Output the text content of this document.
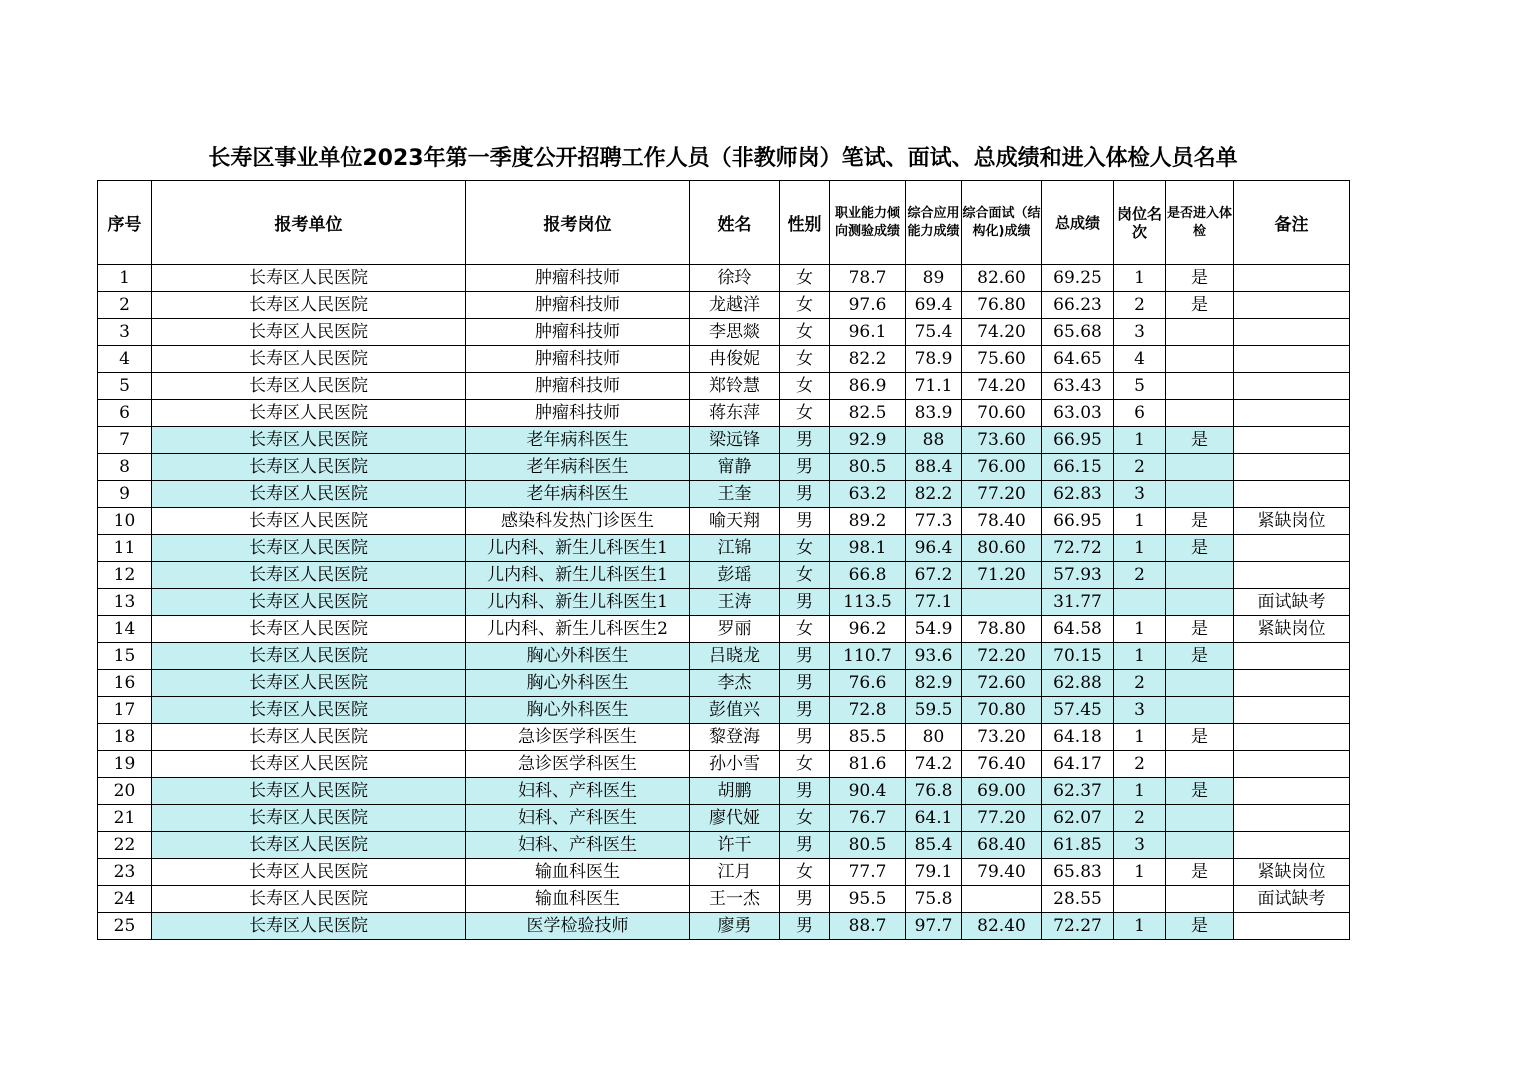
长寿区事业单位2023年第一季度公开招聘工作人员（非教师岗）笔试、面试、总成绩和进入体检人员名单
序号	报考单位	报考岗位	姓名	性别	职业能力倾向测验成绩	综合应用能力成绩	综合面试（结构化)成绩	总成绩	岗位名次	是否进入体检	备注
1	长寿区人民医院	肿瘤科技师	徐玲	女	78.7	89	82.60	69.25	1	是	
2	长寿区人民医院	肿瘤科技师	龙越洋	女	97.6	69.4	76.80	66.23	2	是	
3	长寿区人民医院	肿瘤科技师	李思燚	女	96.1	75.4	74.20	65.68	3		
4	长寿区人民医院	肿瘤科技师	冉俊妮	女	82.2	78.9	75.60	64.65	4		
5	长寿区人民医院	肿瘤科技师	郑铃慧	女	86.9	71.1	74.20	63.43	5		
6	长寿区人民医院	肿瘤科技师	蒋东萍	女	82.5	83.9	70.60	63.03	6		
7	长寿区人民医院	老年病科医生	梁远锋	男	92.9	88	73.60	66.95	1	是	
8	长寿区人民医院	老年病科医生	甯静	男	80.5	88.4	76.00	66.15	2		
9	长寿区人民医院	老年病科医生	王奎	男	63.2	82.2	77.20	62.83	3		
10	长寿区人民医院	感染科发热门诊医生	喻天翔	男	89.2	77.3	78.40	66.95	1	是	紧缺岗位
11	长寿区人民医院	儿内科、新生儿科医生1	江锦	女	98.1	96.4	80.60	72.72	1	是	
12	长寿区人民医院	儿内科、新生儿科医生1	彭瑶	女	66.8	67.2	71.20	57.93	2		
13	长寿区人民医院	儿内科、新生儿科医生1	王涛	男	113.5	77.1		31.77			面试缺考
14	长寿区人民医院	儿内科、新生儿科医生2	罗丽	女	96.2	54.9	78.80	64.58	1	是	紧缺岗位
15	长寿区人民医院	胸心外科医生	吕晓龙	男	110.7	93.6	72.20	70.15	1	是	
16	长寿区人民医院	胸心外科医生	李杰	男	76.6	82.9	72.60	62.88	2		
17	长寿区人民医院	胸心外科医生	彭值兴	男	72.8	59.5	70.80	57.45	3		
18	长寿区人民医院	急诊医学科医生	黎登海	男	85.5	80	73.20	64.18	1	是	
19	长寿区人民医院	急诊医学科医生	孙小雪	女	81.6	74.2	76.40	64.17	2		
20	长寿区人民医院	妇科、产科医生	胡鹏	男	90.4	76.8	69.00	62.37	1	是	
21	长寿区人民医院	妇科、产科医生	廖代娅	女	76.7	64.1	77.20	62.07	2		
22	长寿区人民医院	妇科、产科医生	许干	男	80.5	85.4	68.40	61.85	3		
23	长寿区人民医院	输血科医生	江月	女	77.7	79.1	79.40	65.83	1	是	紧缺岗位
24	长寿区人民医院	输血科医生	王一杰	男	95.5	75.8		28.55			面试缺考
25	长寿区人民医院	医学检验技师	廖勇	男	88.7	97.7	82.40	72.27	1	是	
